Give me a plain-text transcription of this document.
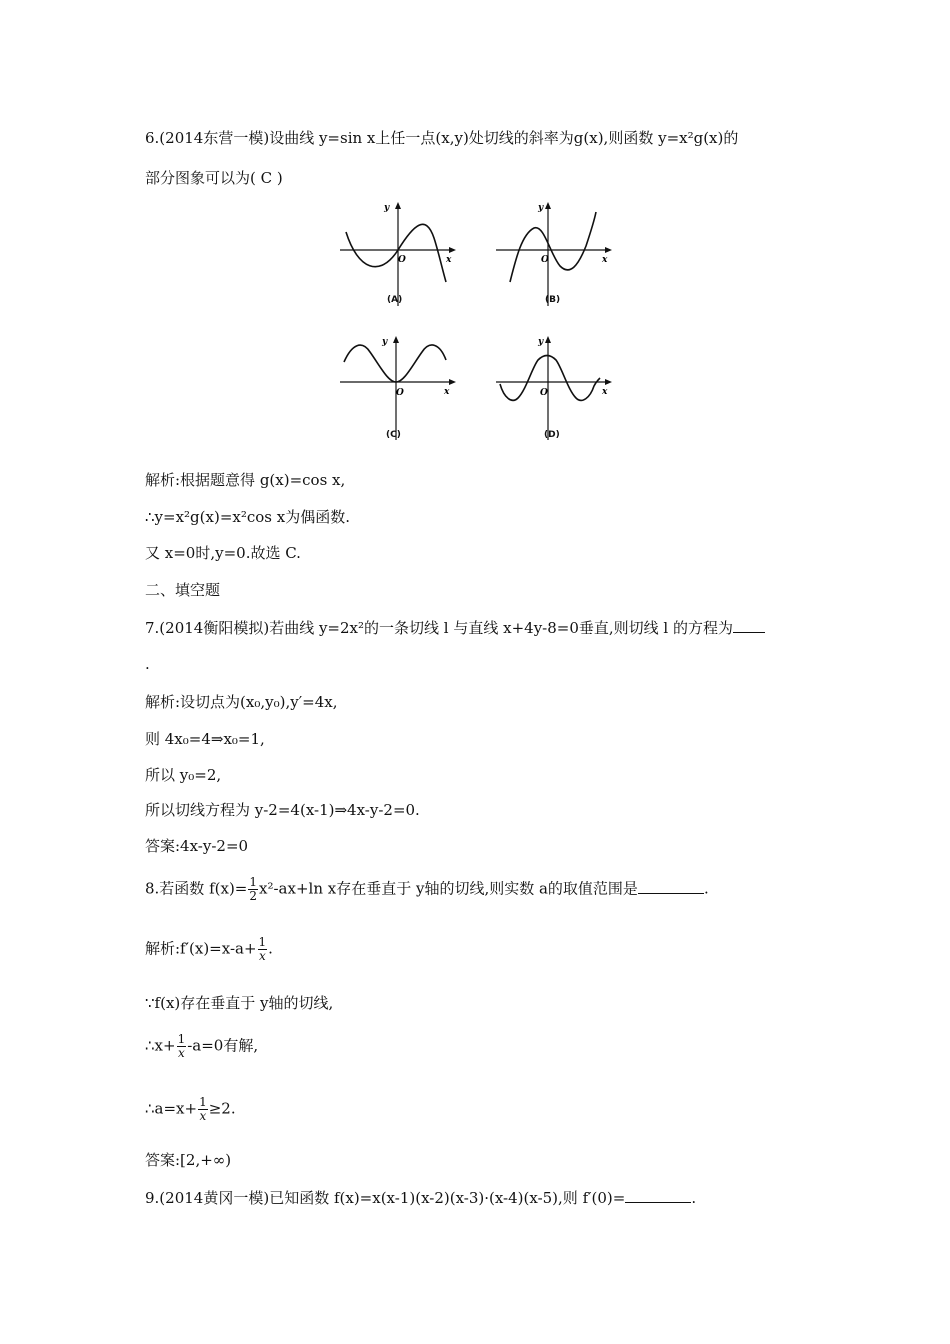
6.(2014东营一模)设曲线 y=sin x上任一点(x,y)处切线的斜率为g(x),则函数 y=x²g(x)的
部分图象可以为( C )
y
x
O
(A)
y
x
O
(B)
y
x
O
(C)
y
x
O
(D)
解析:根据题意得 g(x)=cos x,
∴y=x²g(x)=x²cos x为偶函数.
又 x=0时,y=0.故选 C.
二、填空题
7.(2014衡阳模拟)若曲线 y=2x²的一条切线 l 与直线 x+4y-8=0垂直,则切线 l 的方程为
.
解析:设切点为(x₀,y₀),y′=4x,
则 4x₀=4⇒x₀=1,
所以 y₀=2,
所以切线方程为 y-2=4(x-1)⇒4x-y-2=0.
答案:4x-y-2=0
8.若函数 $f(x)= \frac{1}{2} x^2-ax+\ln$ x存在垂直于 y轴的切线,则实数 a的取值范围是	.
解析:f′(x)=x-a+ $\frac{1}{x}$ .
∵f(x)存在垂直于 y轴的切线,
∴x+ $\frac{1}{x} -a=0$有解,
∴a=x+ $\frac{1}{x} \ge 2$.
答案:[2,+∞)
9.(2014黄冈一模)已知函数 f(x)=x(x-1)(x-2)(x-3)·(x-4)(x-5),则 f′(0)=	.
